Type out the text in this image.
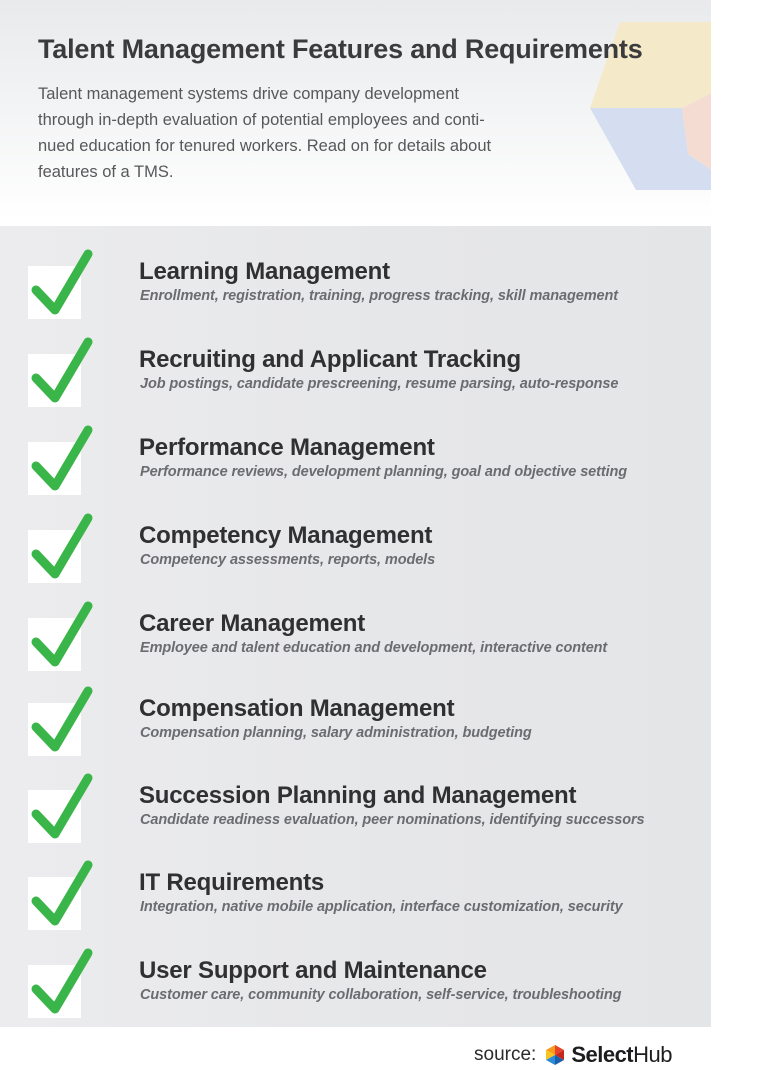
Talent Management Features and Requirements

Talent management systems drive company development
through in-depth evaluation of potential employees and conti-
nued education for tenured workers. Read on for details about
features of a TMS.

Learning Management

Enrollment, registration, training, progress tracking, skill management

Recruiting and Applicant Tracking

Job postings, candidate prescreening, resume parsing, auto-response

Performance Management

Performance reviews, development planning, goal and objective setting

Competency Management

Competency assessments, reports, models

Career Management

Employee and talent education and development, interactive content

Compensation Management

Compensation planning, salary administration, budgeting

Succession Planning and Management

Candidate readiness evaluation, peer nominations, identifying successors

IT Requirements

Integration, native mobile application, interface customization, security

User Support and Maintenance

Customer care, community collaboration, self-service, troubleshooting

source: SelectHub
